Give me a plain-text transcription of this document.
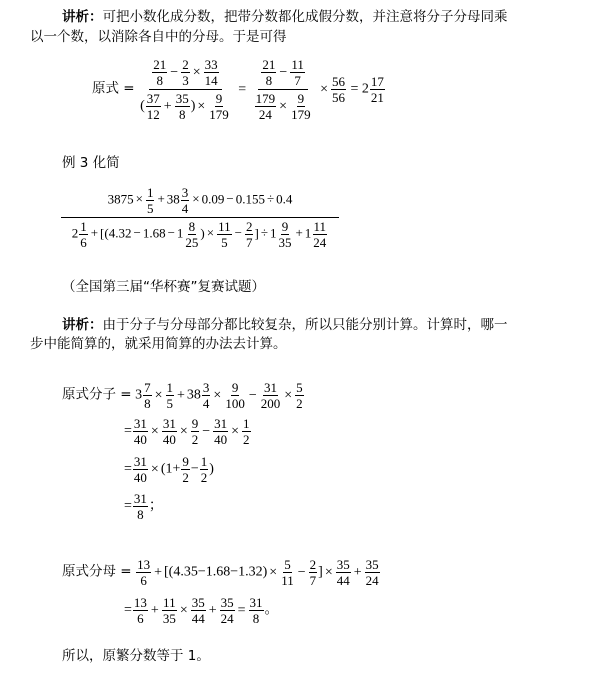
讲析：可把小数化成分数，把带分数都化成假分数，并注意将分子分母同乘
以一个数，以消除各自中的分母。于是可得
原式 = $\frac{\frac{21}{8} - \frac{2}{3} \times \frac{33}{14}}{( \frac{37}{12} + \frac{35}{8} ) \times \frac{9}{179}} = \frac{\frac{21}{8} - \frac{11}{7}}{\frac{179}{24} \times \frac{9}{179}} \times \frac{56}{56} = 2 \frac{17}{21}$
例 3 化简
$\frac{3875 \times \frac{1}{5} + 38 \frac{3}{4} \times 0.09 - 0.155 \div 0.4}{2 \frac{1}{6} + [(4.32 - 1.68 - 1 \frac{8}{25} ) \times \frac{11}{5} - \frac{2}{7} ] \div 1 \frac{9}{35} + 1 \frac{11}{24}}$
（全国第三届“华杯赛”复赛试题）
讲析：由于分子与分母部分都比较复杂，所以只能分别计算。计算时，哪一
步中能简算的，就采用简算的办法去计算。
原式分子 = $3 \frac{7}{8} \times \frac{1}{5} + 38 \frac{3}{4} \times \frac{9}{100} - \frac{31}{200} \times \frac{5}{2}$
= $\frac{31}{40} \times \frac{31}{40} \times \frac{9}{2} - \frac{31}{40} \times \frac{1}{2}$
= $\frac{31}{40} \times (1+ \frac{9}{2} - \frac{1}{2}$ )
= $\frac{31}{8}$ ；
原式分母 = $\frac{13}{6} + [(4.35-1.68-1.32) \times \frac{5}{11} - \frac{2}{7}$ ] × $\frac{35}{44} + \frac{35}{24}$
= $\frac{13}{6} + \frac{11}{35} \times \frac{35}{44} + \frac{35}{24} = \frac{31}{8}$ 。
所以，原繁分数等于 1。
